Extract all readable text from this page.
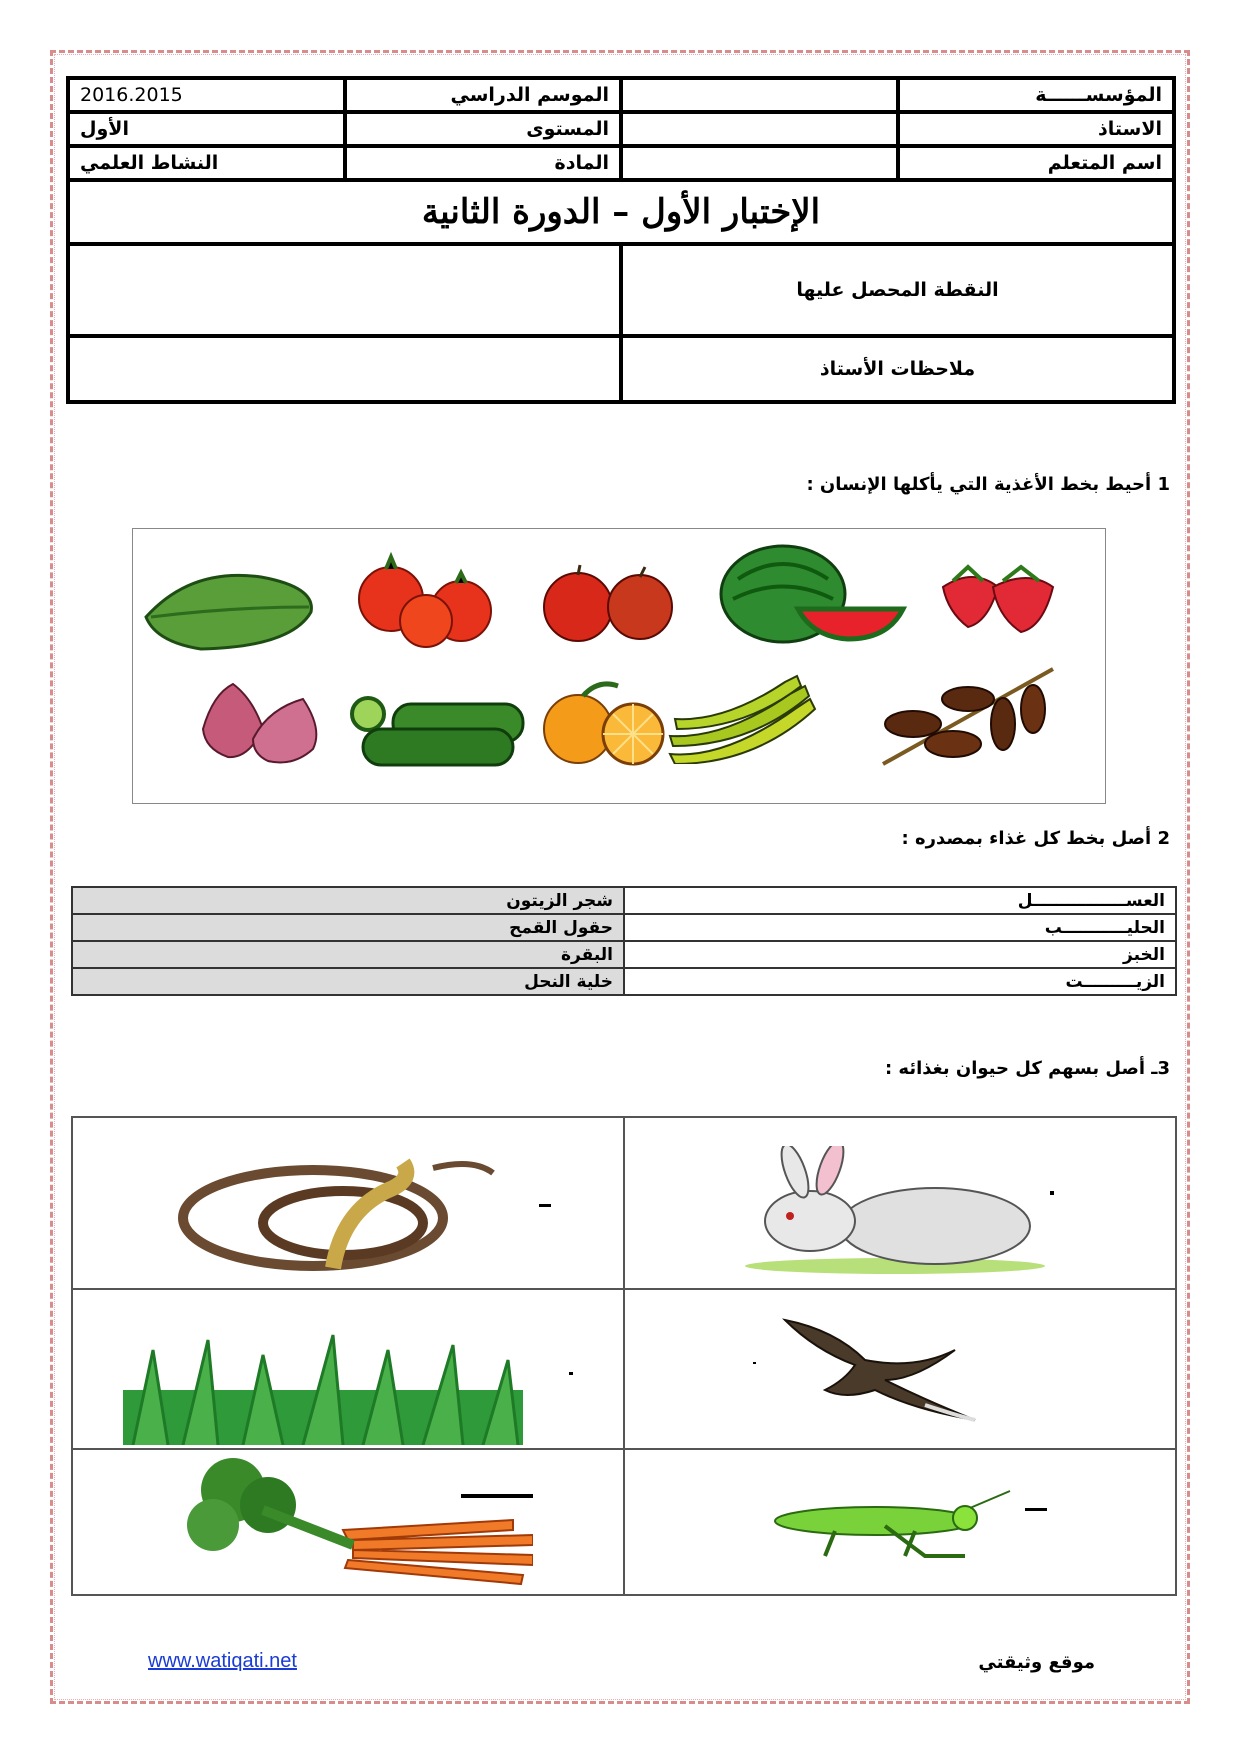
المؤسســــــة		الموسم الدراسي	2016.2015
الاستاذ		المستوى	الأول
اسم المتعلم		المادة	النشاط العلمي
الإختبار الأول – الدورة الثانية			
النقطة المحصل عليها			
ملاحظات الأستاذ			
1 أحيط بخط الأغذية التي يأكلها الإنسان :
2 أصل بخط كل غذاء بمصدره :
العســــــــــــــــل	شجر الزيتون
الحليـــــــــــب	حقول القمح
الخبز	البقرة
الزيـــــــــت	خلية النحل
3ـ أصل بسهم كل حيوان بغذائه :

www.watiqati.net	موقع وثيقتي
